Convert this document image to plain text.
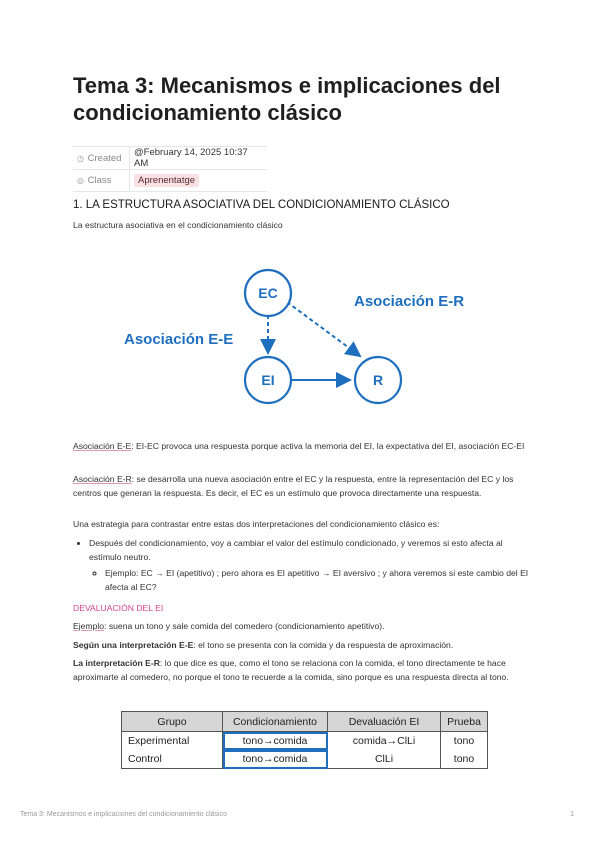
Tema 3: Mecanismos e implicaciones del condicionamiento clásico
◷ Created	@February 14, 2025 10:37 AM
◎ Class	Aprenentatge
1. LA ESTRUCTURA ASOCIATIVA DEL CONDICIONAMIENTO CLÁSICO
La estructura asociativa en el condicionamiento clásico
EC
EI	R
Asociación E-E
Asociación E-R
Asociación E-E: EI-EC provoca una respuesta porque activa la memoria del EI, la expectativa del EI, asociación EC-EI
Asociación E-R: se desarrolla una nueva asociación entre el EC y la respuesta, entre la representación del EC y los centros que generan la respuesta. Es decir, el EC es un estímulo que provoca directamente una respuesta.
Una estrategia para contrastar entre estas dos interpretaciones del condicionamiento clásico es:
• Después del condicionamiento, voy a cambiar el valor del estímulo condicionado, y veremos si esto afecta al estímulo neutro.
◦ Ejemplo: EC → EI (apetitivo) ; pero ahora es EI apetitivo → EI aversivo ; y ahora veremos si este cambio del EI afecta al EC?
DEVALUACIÓN DEL EI
Ejemplo: suena un tono y sale comida del comedero (condicionamiento apetitivo).
Según una interpretación E-E: el tono se presenta con la comida y da respuesta de aproximación.
La interpretación E-R: lo que dice es que, como el tono se relaciona con la comida, el tono directamente te hace aproximarte al comedero, no porque el tono te recuerde a la comida, sino porque es una respuesta directa al tono.
Grupo	Condicionamiento	Devaluación EI	Prueba
Experimental	tono→comida	comida→ClLi	tono
Control	tono→comida	ClLi	tono
Tema 3: Mecanismos e implicaciones del condicionamiento clásico	1
